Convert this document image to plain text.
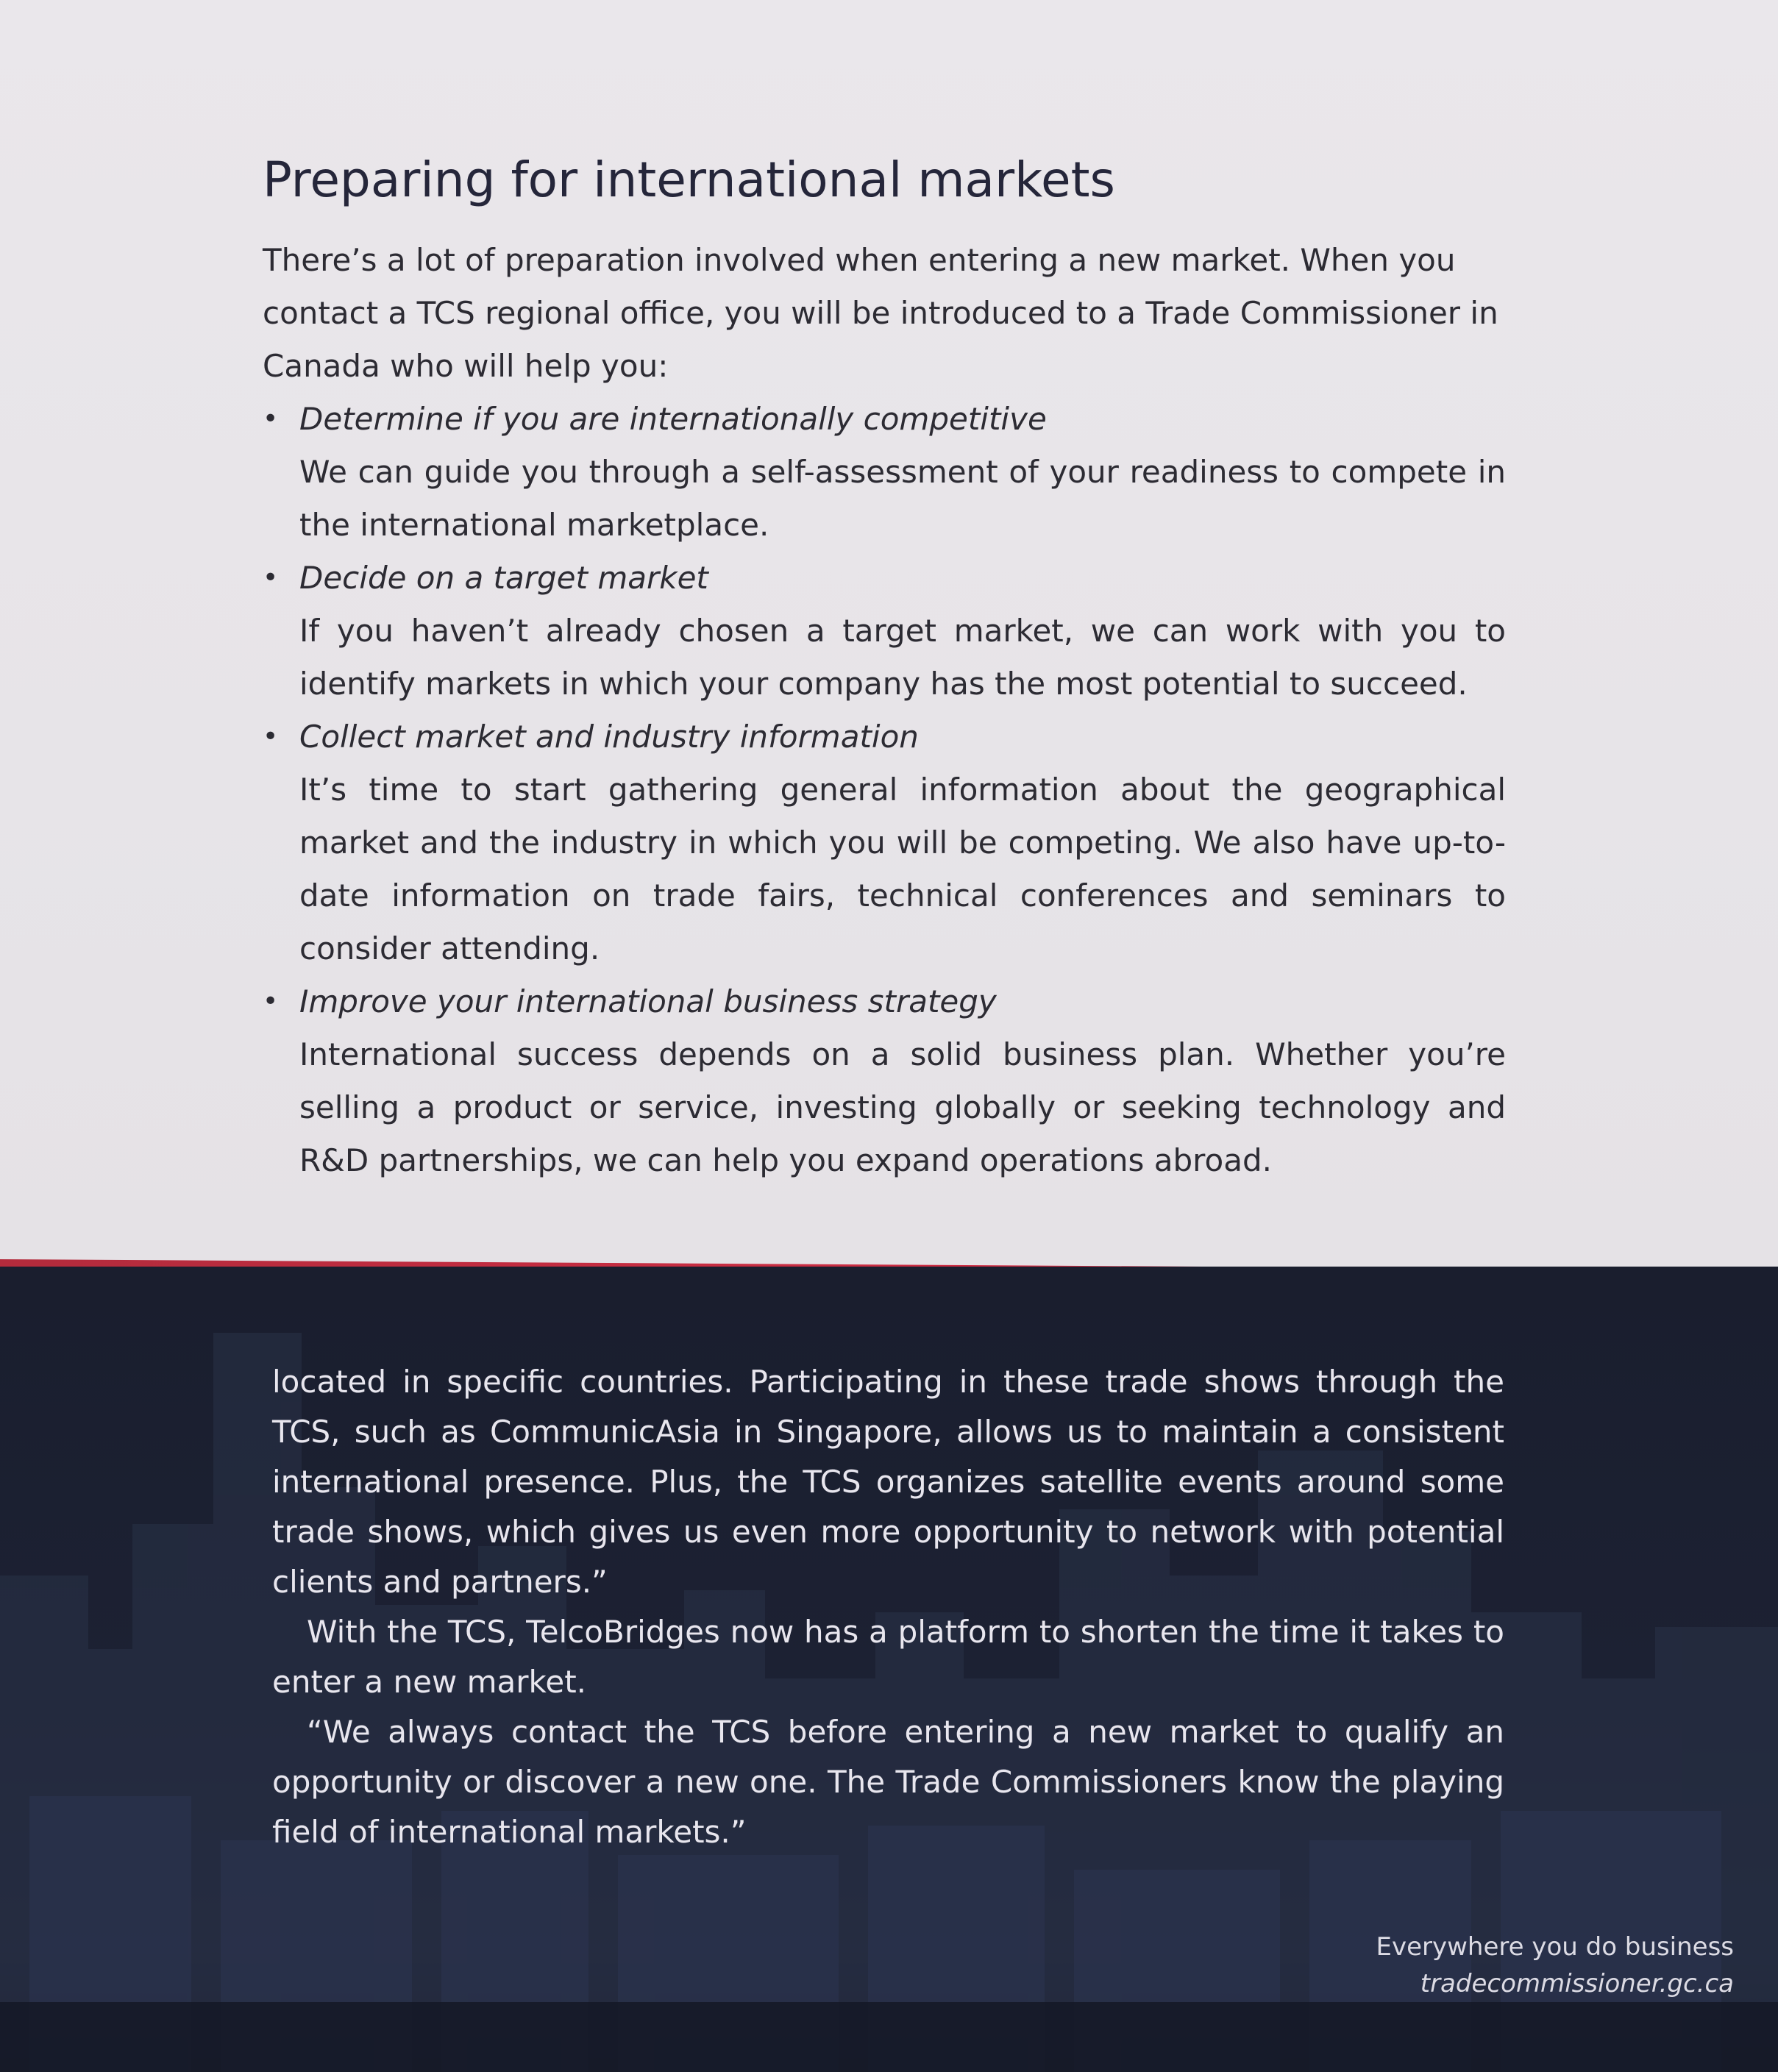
Preparing for international markets

There’s a lot of preparation involved when entering a new market. When you contact a TCS regional office, you will be introduced to a Trade Commissioner in Canada who will help you:

• Determine if you are internationally competitive
We can guide you through a self-assessment of your readiness to compete in the international marketplace.
• Decide on a target market
If you haven’t already chosen a target market, we can work with you to identify markets in which your company has the most potential to succeed.
• Collect market and industry information
It’s time to start gathering general information about the geographical market and the industry in which you will be competing. We also have up-to-date information on trade fairs, technical conferences and seminars to consider attending.
• Improve your international business strategy
International success depends on a solid business plan. Whether you’re selling a product or service, investing globally or seeking technology and R&D partnerships, we can help you expand operations abroad.

located in specific countries. Participating in these trade shows through the TCS, such as CommunicAsia in Singapore, allows us to maintain a consistent international presence. Plus, the TCS organizes satellite events around some trade shows, which gives us even more opportunity to network with potential clients and partners.”

With the TCS, TelcoBridges now has a platform to shorten the time it takes to enter a new market.

“We always contact the TCS before entering a new market to qualify an opportunity or discover a new one. The Trade Commissioners know the playing field of international markets.”

Everywhere you do business
tradecommissioner.gc.ca
